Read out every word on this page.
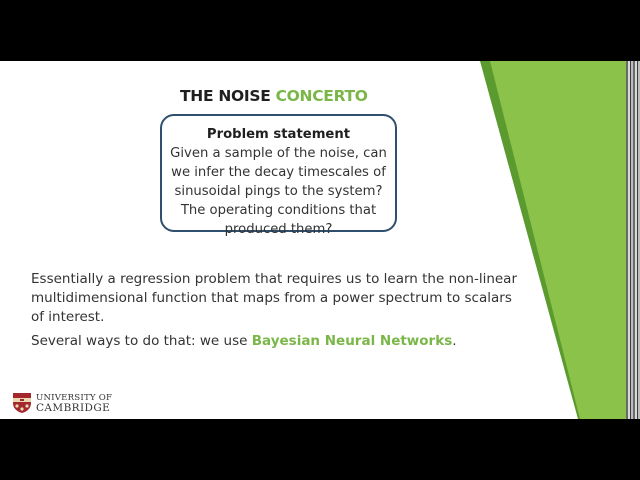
THE NOISE CONCERTO
Problem statement
Given a sample of the noise, can
we infer the decay timescales of
sinusoidal pings to the system?
The operating conditions that
produced them?

Essentially a regression problem that requires us to learn the non-linear
multidimensional function that maps from a power spectrum to scalars
of interest.

Several ways to do that: we use Bayesian Neural Networks.

UNIVERSITY OF
CAMBRIDGE
